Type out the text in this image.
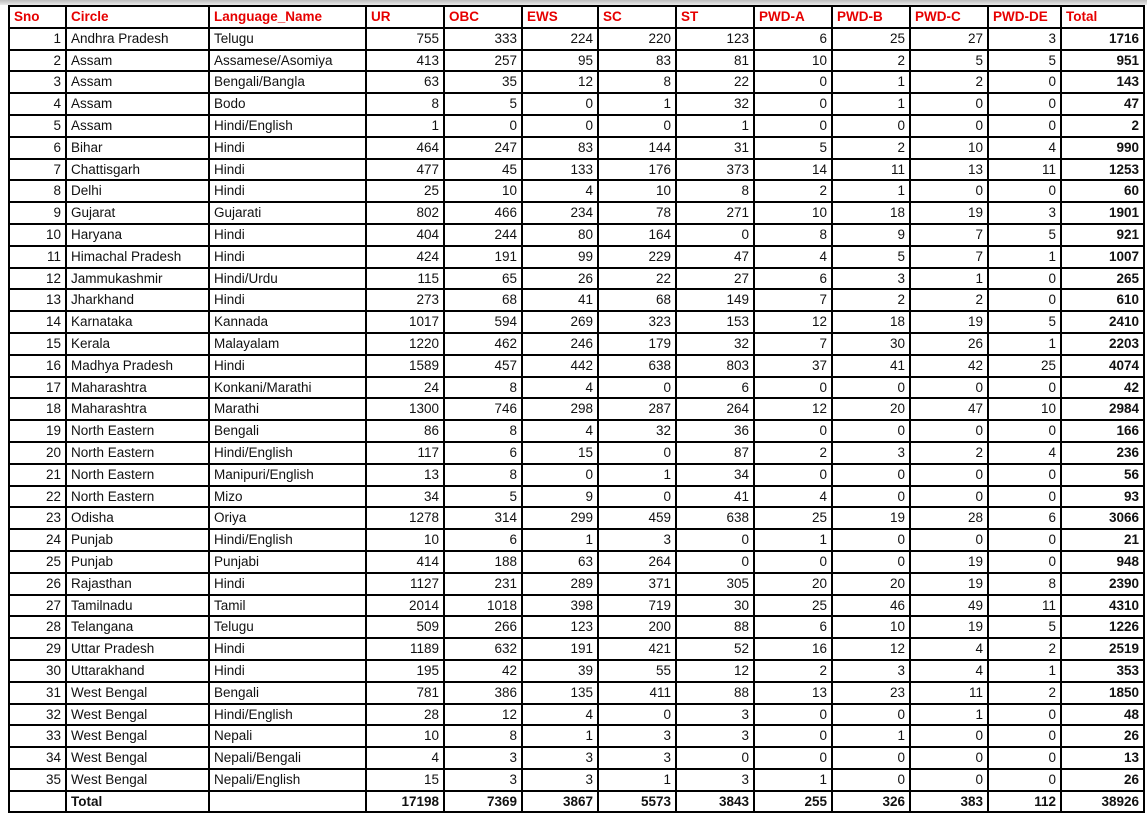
Sno	Circle	Language_Name	UR	OBC	EWS	SC	ST	PWD-A	PWD-B	PWD-C	PWD-DE	Total
1	Andhra Pradesh	Telugu	755	333	224	220	123	6	25	27	3	1716
2	Assam	Assamese/Asomiya	413	257	95	83	81	10	2	5	5	951
3	Assam	Bengali/Bangla	63	35	12	8	22	0	1	2	0	143
4	Assam	Bodo	8	5	0	1	32	0	1	0	0	47
5	Assam	Hindi/English	1	0	0	0	1	0	0	0	0	2
6	Bihar	Hindi	464	247	83	144	31	5	2	10	4	990
7	Chattisgarh	Hindi	477	45	133	176	373	14	11	13	11	1253
8	Delhi	Hindi	25	10	4	10	8	2	1	0	0	60
9	Gujarat	Gujarati	802	466	234	78	271	10	18	19	3	1901
10	Haryana	Hindi	404	244	80	164	0	8	9	7	5	921
11	Himachal Pradesh	Hindi	424	191	99	229	47	4	5	7	1	1007
12	Jammukashmir	Hindi/Urdu	115	65	26	22	27	6	3	1	0	265
13	Jharkhand	Hindi	273	68	41	68	149	7	2	2	0	610
14	Karnataka	Kannada	1017	594	269	323	153	12	18	19	5	2410
15	Kerala	Malayalam	1220	462	246	179	32	7	30	26	1	2203
16	Madhya Pradesh	Hindi	1589	457	442	638	803	37	41	42	25	4074
17	Maharashtra	Konkani/Marathi	24	8	4	0	6	0	0	0	0	42
18	Maharashtra	Marathi	1300	746	298	287	264	12	20	47	10	2984
19	North Eastern	Bengali	86	8	4	32	36	0	0	0	0	166
20	North Eastern	Hindi/English	117	6	15	0	87	2	3	2	4	236
21	North Eastern	Manipuri/English	13	8	0	1	34	0	0	0	0	56
22	North Eastern	Mizo	34	5	9	0	41	4	0	0	0	93
23	Odisha	Oriya	1278	314	299	459	638	25	19	28	6	3066
24	Punjab	Hindi/English	10	6	1	3	0	1	0	0	0	21
25	Punjab	Punjabi	414	188	63	264	0	0	0	19	0	948
26	Rajasthan	Hindi	1127	231	289	371	305	20	20	19	8	2390
27	Tamilnadu	Tamil	2014	1018	398	719	30	25	46	49	11	4310
28	Telangana	Telugu	509	266	123	200	88	6	10	19	5	1226
29	Uttar Pradesh	Hindi	1189	632	191	421	52	16	12	4	2	2519
30	Uttarakhand	Hindi	195	42	39	55	12	2	3	4	1	353
31	West Bengal	Bengali	781	386	135	411	88	13	23	11	2	1850
32	West Bengal	Hindi/English	28	12	4	0	3	0	0	1	0	48
33	West Bengal	Nepali	10	8	1	3	3	0	1	0	0	26
34	West Bengal	Nepali/Bengali	4	3	3	3	0	0	0	0	0	13
35	West Bengal	Nepali/English	15	3	3	1	3	1	0	0	0	26
	Total		17198	7369	3867	5573	3843	255	326	383	112	38926
